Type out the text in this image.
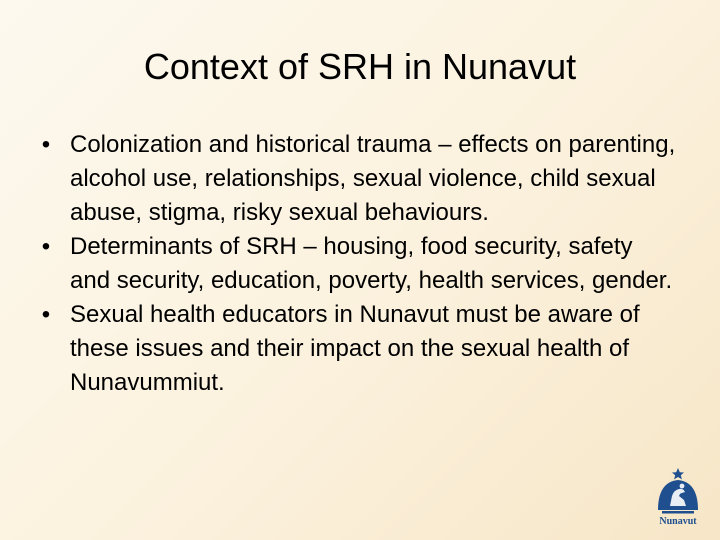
Context of SRH in Nunavut
• Colonization and historical trauma – effects on parenting, alcohol use, relationships, sexual violence, child sexual abuse, stigma, risky sexual behaviours.
• Determinants of SRH – housing, food security, safety and security, education, poverty, health services, gender.
• Sexual health educators in Nunavut must be aware of these issues and their impact on the sexual health of Nunavummiut.
Nunavut
